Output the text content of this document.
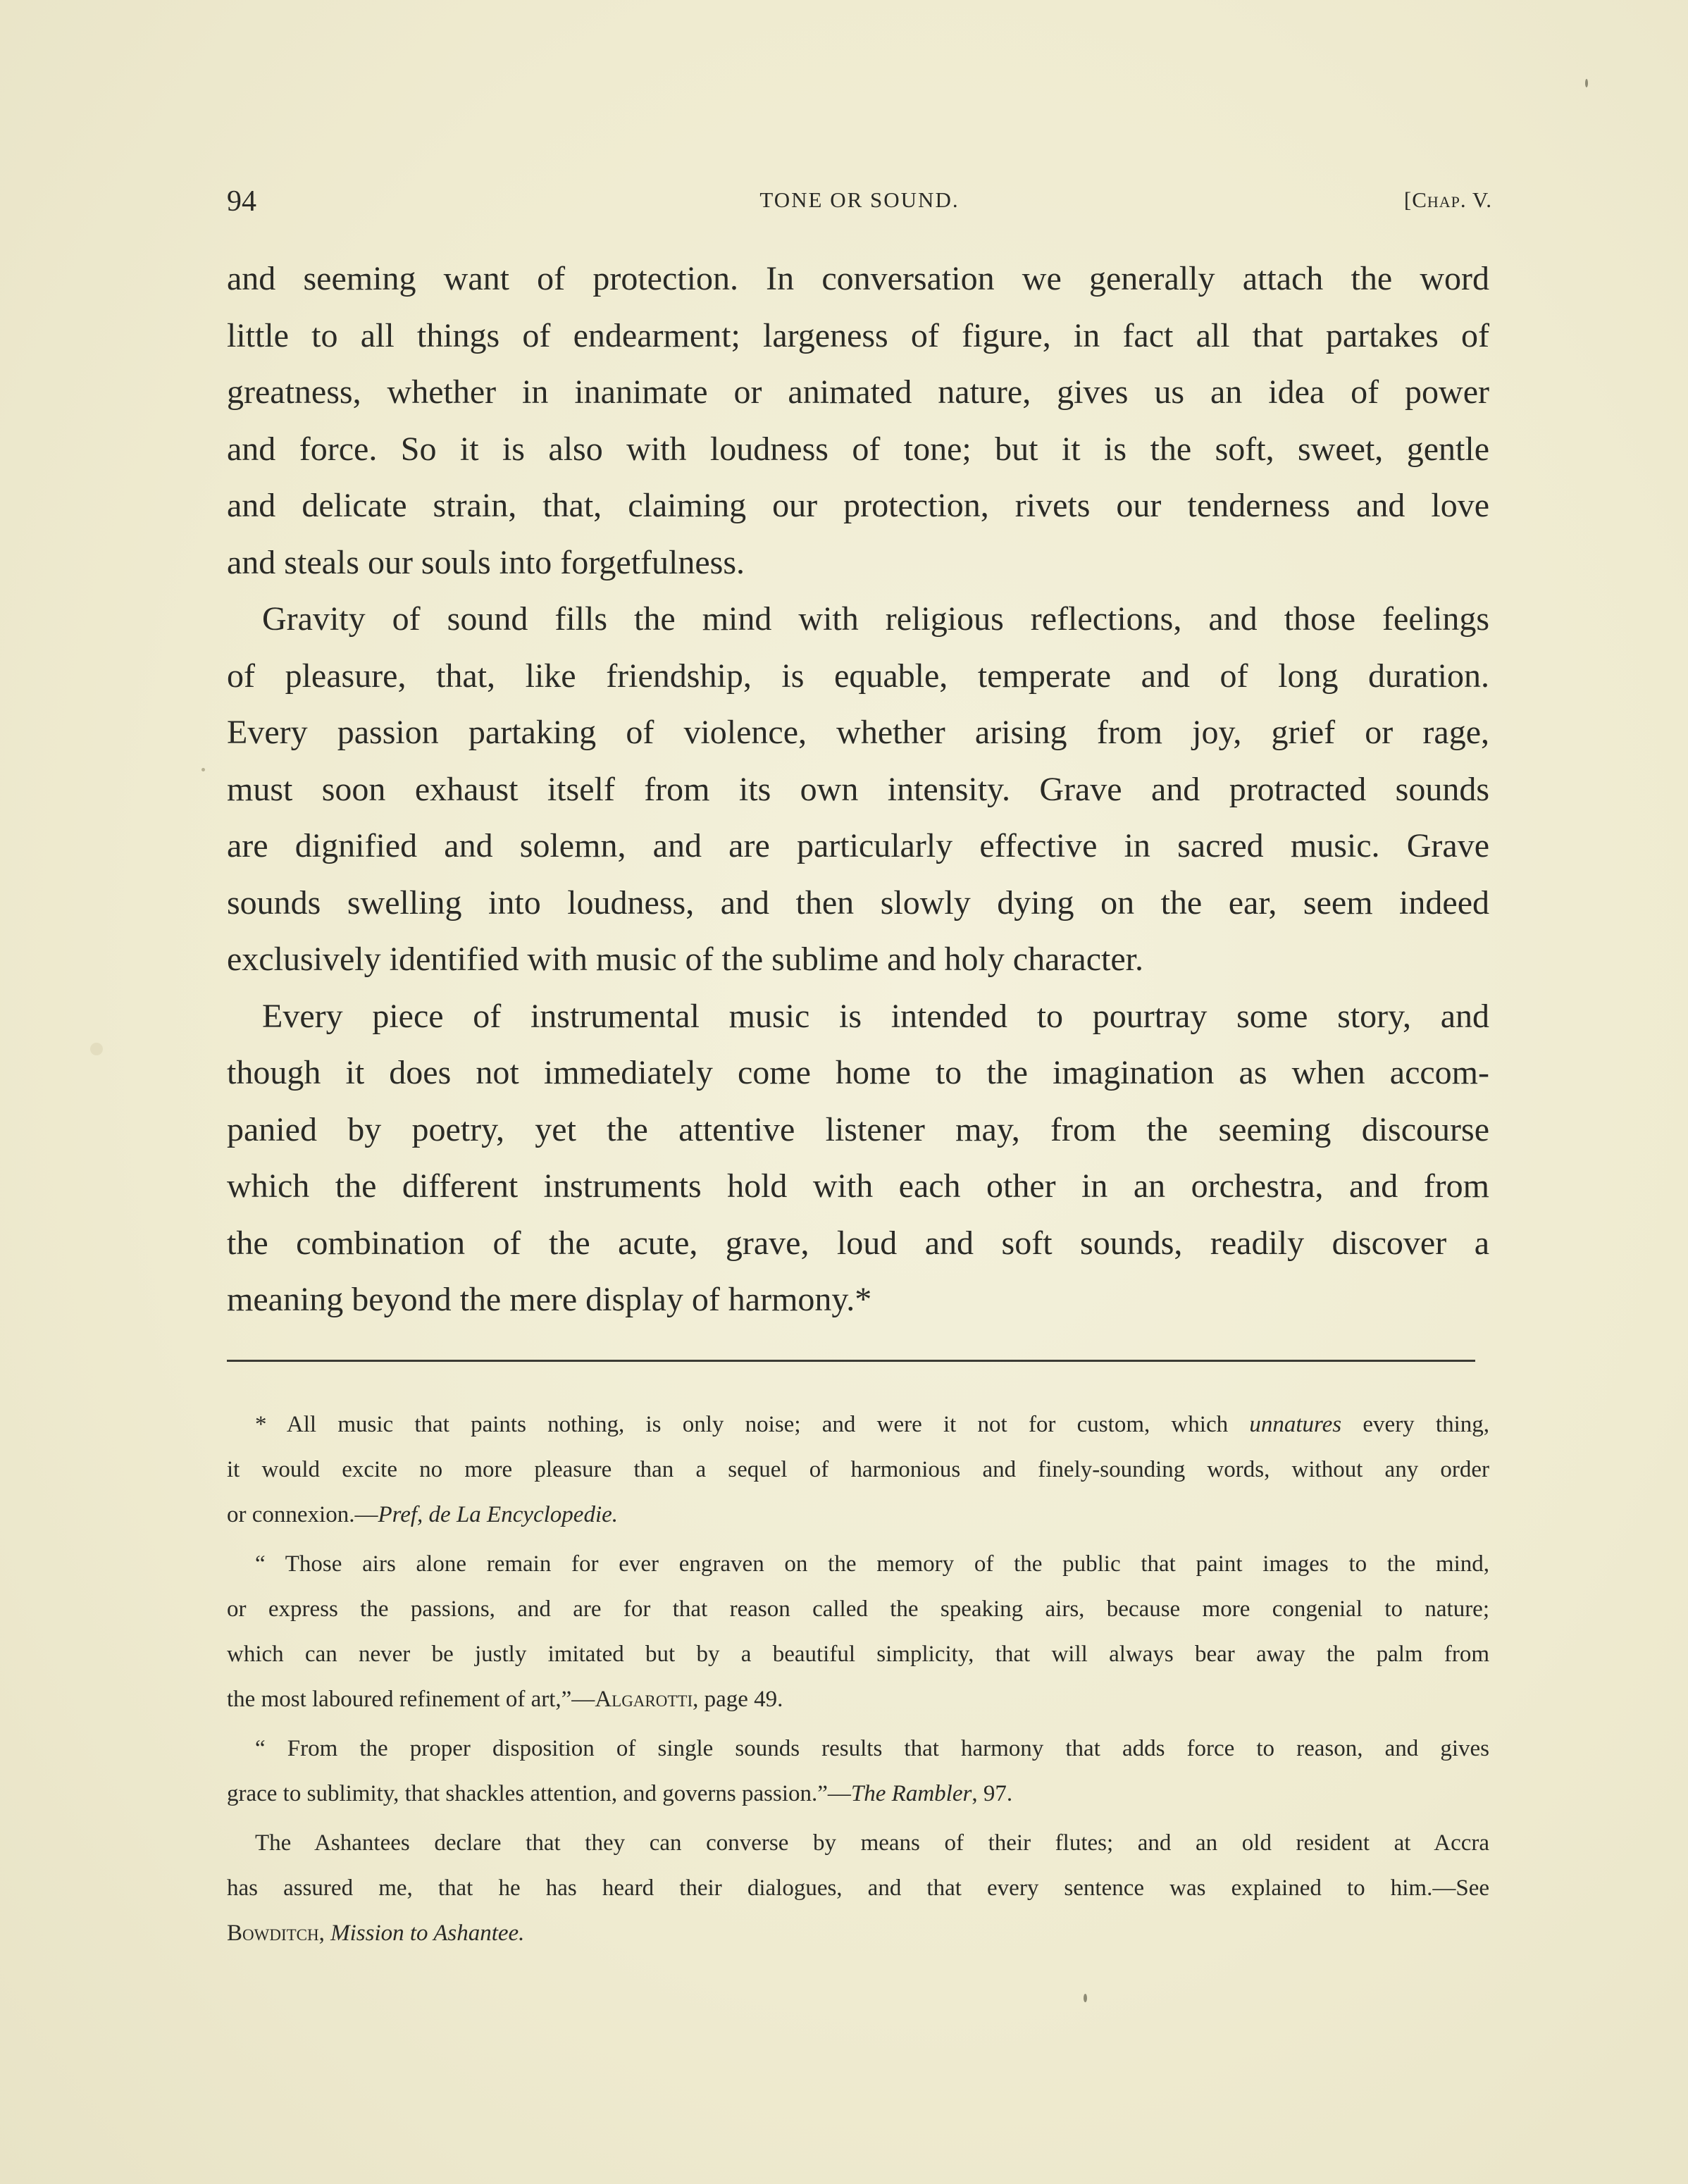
94	TONE OR SOUND.	[Chap. V.

and seeming want of protection. In conversation we generally attach the word

little to all things of endearment; largeness of figure, in fact all that partakes of

greatness, whether in inanimate or animated nature, gives us an idea of power

and force. So it is also with loudness of tone; but it is the soft, sweet, gentle

and delicate strain, that, claiming our protection, rivets our tenderness and love

and steals our souls into forgetfulness.

Gravity of sound fills the mind with religious reflections, and those feelings

of pleasure, that, like friendship, is equable, temperate and of long duration.

Every passion partaking of violence, whether arising from joy, grief or rage,

must soon exhaust itself from its own intensity. Grave and protracted sounds

are dignified and solemn, and are particularly effective in sacred music. Grave

sounds swelling into loudness, and then slowly dying on the ear, seem indeed

exclusively identified with music of the sublime and holy character.

Every piece of instrumental music is intended to pourtray some story, and

though it does not immediately come home to the imagination as when accom-

panied by poetry, yet the attentive listener may, from the seeming discourse

which the different instruments hold with each other in an orchestra, and from

the combination of the acute, grave, loud and soft sounds, readily discover a

meaning beyond the mere display of harmony.*

* All music that paints nothing, is only noise; and were it not for custom, which unnatures every thing,

it would excite no more pleasure than a sequel of harmonious and finely-sounding words, without any order

or connexion.—Pref, de La Encyclopedie.

“ Those airs alone remain for ever engraven on the memory of the public that paint images to the mind,

or express the passions, and are for that reason called the speaking airs, because more congenial to nature;

which can never be justly imitated but by a beautiful simplicity, that will always bear away the palm from

the most laboured refinement of art,”—Algarotti, page 49.

“ From the proper disposition of single sounds results that harmony that adds force to reason, and gives

grace to sublimity, that shackles attention, and governs passion.”—The Rambler, 97.

The Ashantees declare that they can converse by means of their flutes; and an old resident at Accra

has assured me, that he has heard their dialogues, and that every sentence was explained to him.—See

Bowditch, Mission to Ashantee.
